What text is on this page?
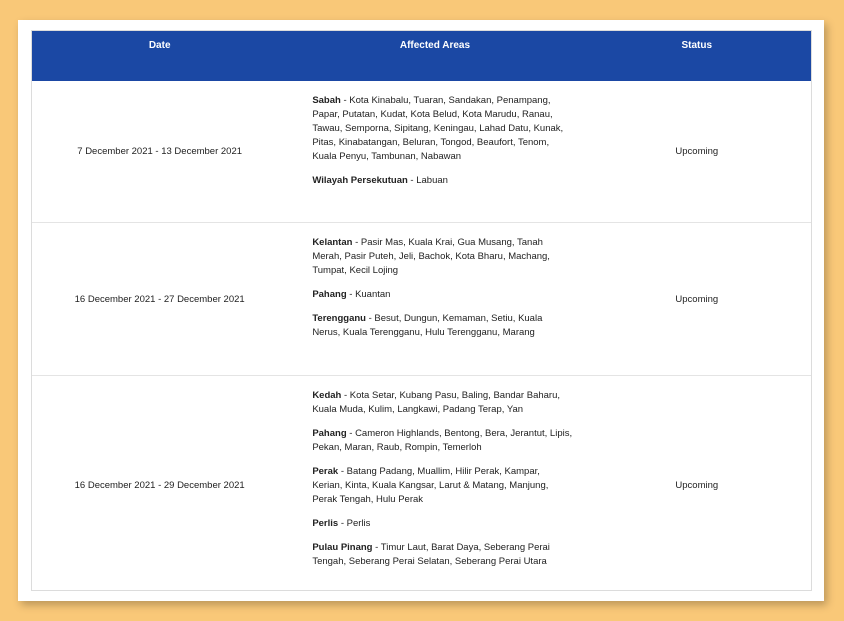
Date	Affected Areas	Status
7 December 2021 - 13 December 2021

Sabah - Kota Kinabalu, Tuaran, Sandakan, Penampang, Papar, Putatan, Kudat, Kota Belud, Kota Marudu, Ranau, Tawau, Semporna, Sipitang, Keningau, Lahad Datu, Kunak, Pitas, Kinabatangan, Beluran, Tongod, Beaufort, Tenom, Kuala Penyu, Tambunan, Nabawan

Wilayah Persekutuan - Labuan

Upcoming
16 December 2021 - 27 December 2021

Kelantan - Pasir Mas, Kuala Krai, Gua Musang, Tanah Merah, Pasir Puteh, Jeli, Bachok, Kota Bharu, Machang, Tumpat, Kecil Lojing

Pahang - Kuantan

Terengganu - Besut, Dungun, Kemaman, Setiu, Kuala Nerus, Kuala Terengganu, Hulu Terengganu, Marang

Upcoming
16 December 2021 - 29 December 2021

Kedah - Kota Setar, Kubang Pasu, Baling, Bandar Baharu, Kuala Muda, Kulim, Langkawi, Padang Terap, Yan

Pahang - Cameron Highlands, Bentong, Bera, Jerantut, Lipis, Pekan, Maran, Raub, Rompin, Temerloh

Perak - Batang Padang, Muallim, Hilir Perak, Kampar, Kerian, Kinta, Kuala Kangsar, Larut & Matang, Manjung, Perak Tengah, Hulu Perak

Perlis - Perlis

Pulau Pinang - Timur Laut, Barat Daya, Seberang Perai Tengah, Seberang Perai Selatan, Seberang Perai Utara

Upcoming
